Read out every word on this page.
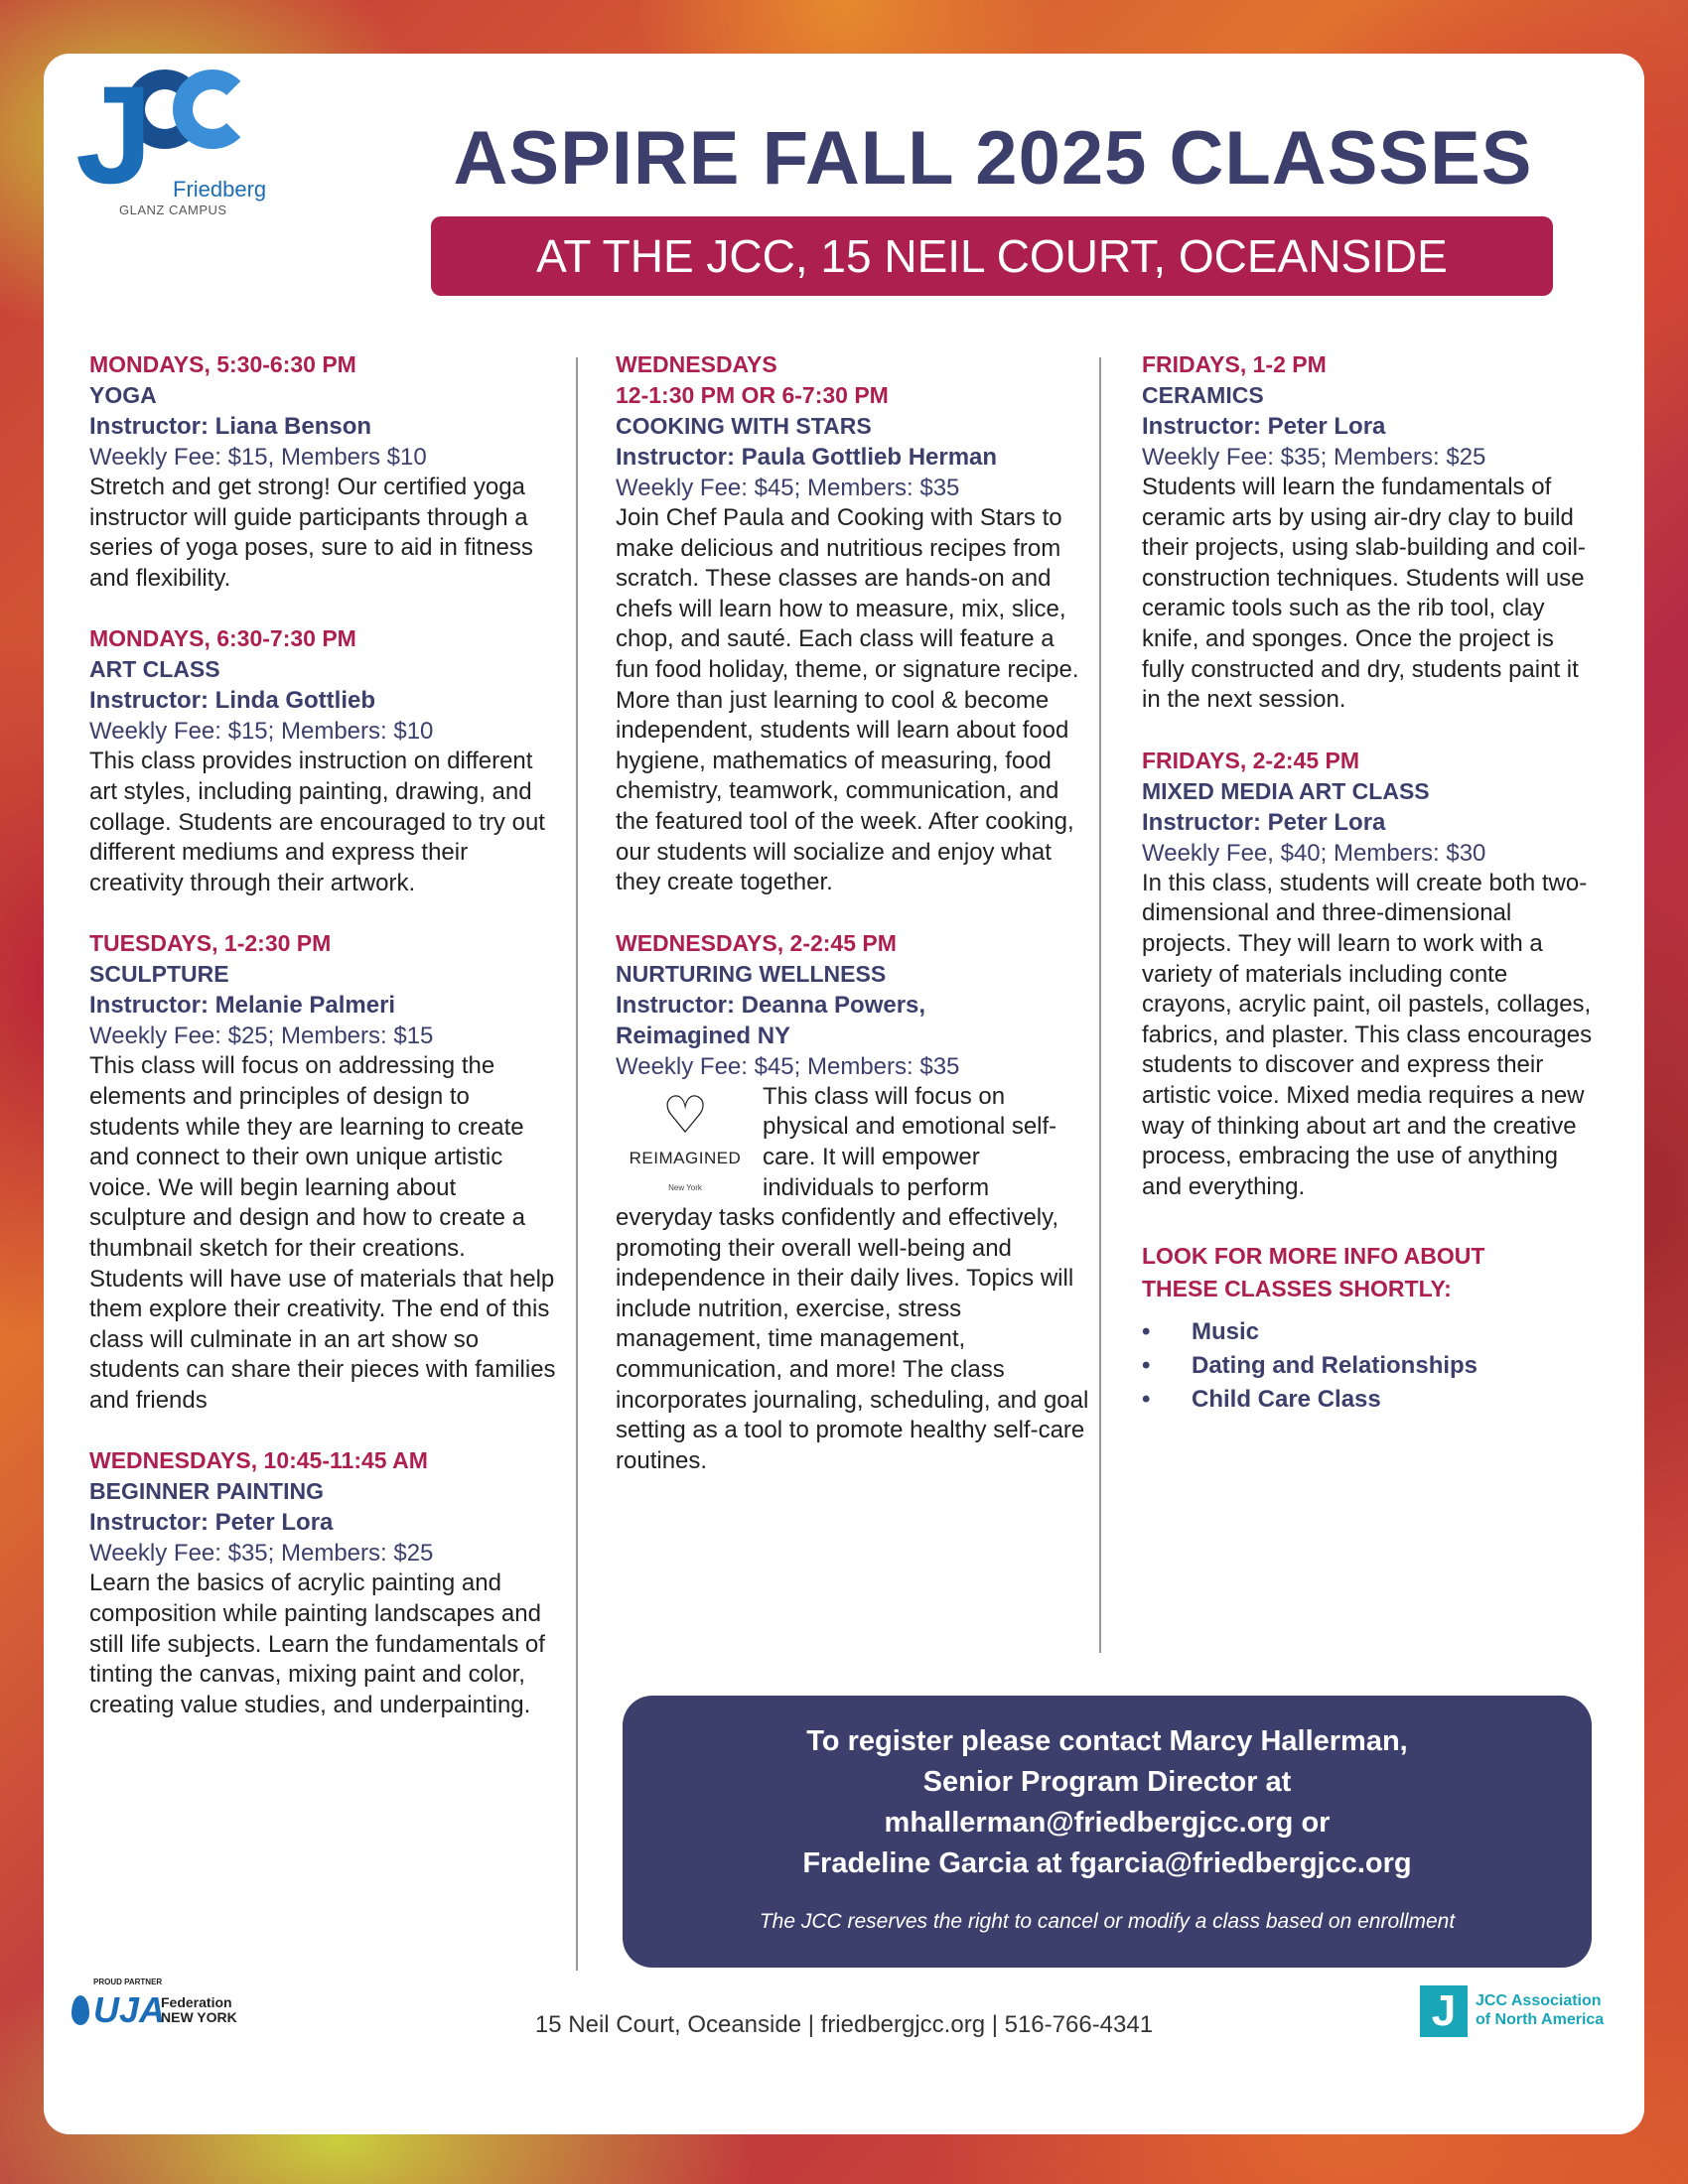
J Friedberg
GLANZ CAMPUS
ASPIRE FALL 2025 CLASSES
AT THE JCC, 15 NEIL COURT, OCEANSIDE
MONDAYS, 5:30-6:30 PM
YOGA
Instructor: Liana Benson
Weekly Fee: $15, Members $10
Stretch and get strong! Our certified yoga instructor will guide participants through a series of yoga poses, sure to aid in fitness and flexibility.
MONDAYS, 6:30-7:30 PM
ART CLASS
Instructor: Linda Gottlieb
Weekly Fee: $15; Members: $10
This class provides instruction on different art styles, including painting, drawing, and collage. Students are encouraged to try out different mediums and express their creativity through their artwork.
TUESDAYS, 1-2:30 PM
SCULPTURE
Instructor: Melanie Palmeri
Weekly Fee: $25; Members: $15
This class will focus on addressing the elements and principles of design to students while they are learning to create and connect to their own unique artistic voice. We will begin learning about sculpture and design and how to create a thumbnail sketch for their creations. Students will have use of materials that help them explore their creativity. The end of this class will culminate in an art show so students can share their pieces with families and friends
WEDNESDAYS, 10:45-11:45 AM
BEGINNER PAINTING
Instructor: Peter Lora
Weekly Fee: $35; Members: $25
Learn the basics of acrylic painting and composition while painting landscapes and still life subjects. Learn the fundamentals of tinting the canvas, mixing paint and color, creating value studies, and underpainting.
WEDNESDAYS
12-1:30 PM OR 6-7:30 PM
COOKING WITH STARS
Instructor: Paula Gottlieb Herman
Weekly Fee: $45; Members: $35
Join Chef Paula and Cooking with Stars to make delicious and nutritious recipes from scratch. These classes are hands-on and chefs will learn how to measure, mix, slice, chop, and sauté. Each class will feature a fun food holiday, theme, or signature recipe. More than just learning to cool & become independent, students will learn about food hygiene, mathematics of measuring, food chemistry, teamwork, communication, and the featured tool of the week. After cooking, our students will socialize and enjoy what they create together.
WEDNESDAYS, 2-2:45 PM
NURTURING WELLNESS
Instructor: Deanna Powers,
Reimagined NY
Weekly Fee: $45; Members: $35
♡
REIMAGINED
New York
This class will focus on physical and emotional self-care. It will empower individuals to perform everyday tasks confidently and effectively, promoting their overall well-being and independence in their daily lives. Topics will include nutrition, exercise, stress management, time management, communication, and more! The class incorporates journaling, scheduling, and goal setting as a tool to promote healthy self-care routines.
FRIDAYS, 1-2 PM
CERAMICS
Instructor: Peter Lora
Weekly Fee: $35; Members: $25
Students will learn the fundamentals of ceramic arts by using air-dry clay to build their projects, using slab-building and coil-construction techniques. Students will use ceramic tools such as the rib tool, clay knife, and sponges. Once the project is fully constructed and dry, students paint it in the next session.
FRIDAYS, 2-2:45 PM
MIXED MEDIA ART CLASS
Instructor: Peter Lora
Weekly Fee, $40; Members: $30
In this class, students will create both two-dimensional and three-dimensional projects. They will learn to work with a variety of materials including conte crayons, acrylic paint, oil pastels, collages, fabrics, and plaster. This class encourages students to discover and express their artistic voice. Mixed media requires a new way of thinking about art and the creative process, embracing the use of anything and everything.
LOOK FOR MORE INFO ABOUT
THESE CLASSES SHORTLY:
• Music
• Dating and Relationships
• Child Care Class
To register please contact Marcy Hallerman,
Senior Program Director at
mhallerman@friedbergjcc.org or
Fradeline Garcia at fgarcia@friedbergjcc.org
The JCC reserves the right to cancel or modify a class based on enrollment
PROUD PARTNER
UJA
Federation
NEW YORK	15 Neil Court, Oceanside | friedbergjcc.org | 516-766-4341	J	JCC Association
of North America
